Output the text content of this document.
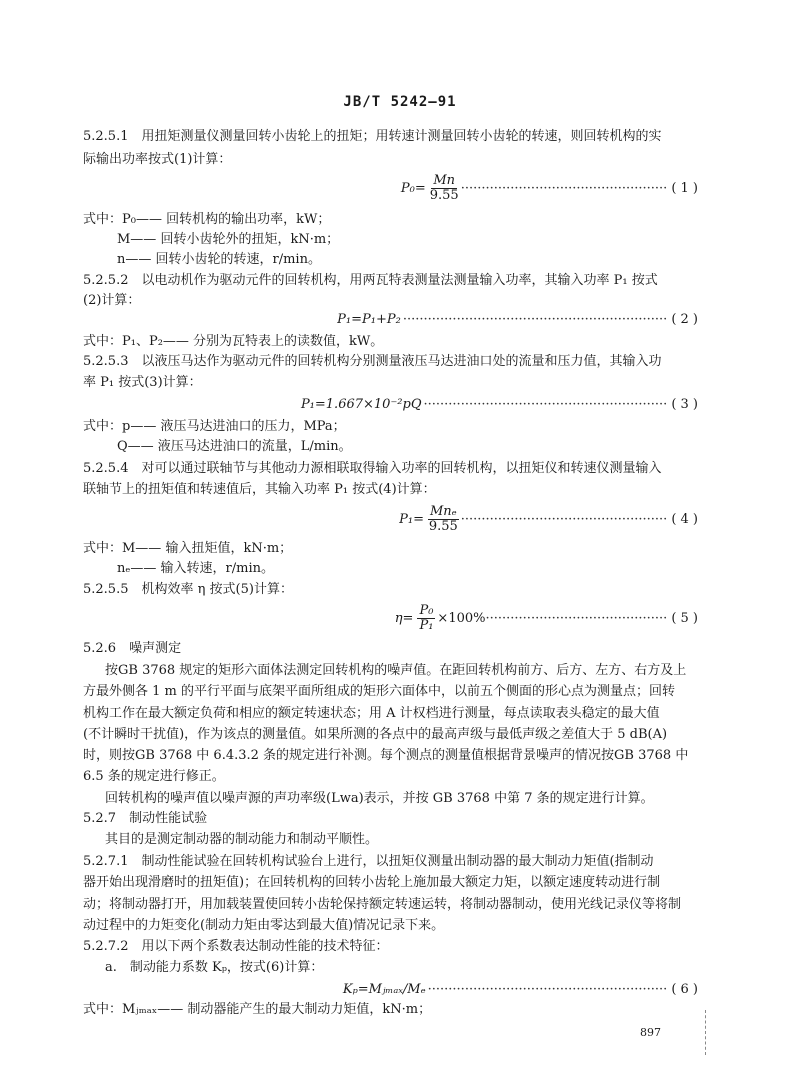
JB/T 5242—91
5.2.5.1　用扭矩测量仪测量回转小齿轮上的扭矩；用转速计测量回转小齿轮的转速，则回转机构的实
际输出功率按式(1)计算：
$P_0= \frac{Mn}{9.55}$ ·················································· ( 1 )
式中：P₀—— 回转机构的输出功率，kW；
M—— 回转小齿轮外的扭矩，kN·m；
n—— 回转小齿轮的转速，r/min。
5.2.5.2　以电动机作为驱动元件的回转机构，用两瓦特表测量法测量输入功率，其输入功率 P₁ 按式
(2)计算：
P₁=P₁+P₂ ································································ ( 2 )
式中：P₁、P₂—— 分别为瓦特表上的读数值，kW。
5.2.5.3　以液压马达作为驱动元件的回转机构分别测量液压马达进油口处的流量和压力值，其输入功
率 P₁ 按式(3)计算：
P₁=1.667×10⁻²pQ ··························································· ( 3 )
式中：p—— 液压马达进油口的压力，MPa；
Q—— 液压马达进油口的流量，L/min。
5.2.5.4　对可以通过联轴节与其他动力源相联取得输入功率的回转机构，以扭矩仪和转速仪测量输入
联轴节上的扭矩值和转速值后，其输入功率 P₁ 按式(4)计算：
$P_1= \frac{\text{Mnₑ}}{9.55}$ ·················································· ( 4 )
式中：M—— 输入扭矩值，kN·m；
nₑ—— 输入转速，r/min。
5.2.5.5　机构效率 η 按式(5)计算：
$\eta= \frac{\text{P₀}}{\text{P₁}} \times 100\%$ ············································ ( 5 )
5.2.6　噪声测定
按GB 3768 规定的矩形六面体法测定回转机构的噪声值。在距回转机构前方、后方、左方、右方及上
方最外侧各 1 m 的平行平面与底架平面所组成的矩形六面体中，以前五个侧面的形心点为测量点；回转
机构工作在最大额定负荷和相应的额定转速状态；用 A 计权档进行测量，每点读取表头稳定的最大值
(不计瞬时干扰值)，作为该点的测量值。如果所测的各点中的最高声级与最低声级之差值大于 5 dB(A)
时，则按GB 3768 中 6.4.3.2 条的规定进行补测。每个测点的测量值根据背景噪声的情况按GB 3768 中
6.5 条的规定进行修正。
回转机构的噪声值以噪声源的声功率级(Lwa)表示，并按 GB 3768 中第 7 条的规定进行计算。
5.2.7　制动性能试验
其目的是测定制动器的制动能力和制动平顺性。
5.2.7.1　制动性能试验在回转机构试验台上进行，以扭矩仪测量出制动器的最大制动力矩值(指制动
器开始出现滑磨时的扭矩值)；在回转机构的回转小齿轮上施加最大额定力矩，以额定速度转动进行制
动；将制动器打开，用加载装置使回转小齿轮保持额定转速运转，将制动器制动，使用光线记录仪等将制
动过程中的力矩变化(制动力矩由零达到最大值)情况记录下来。
5.2.7.2　用以下两个系数表达制动性能的技术特征：
a.　制动能力系数 Kₚ，按式(6)计算：
Kₚ=Mⱼₘₐₓ/Mₑ ·························································· ( 6 )
式中：Mⱼₘₐₓ—— 制动器能产生的最大制动力矩值，kN·m；
897
